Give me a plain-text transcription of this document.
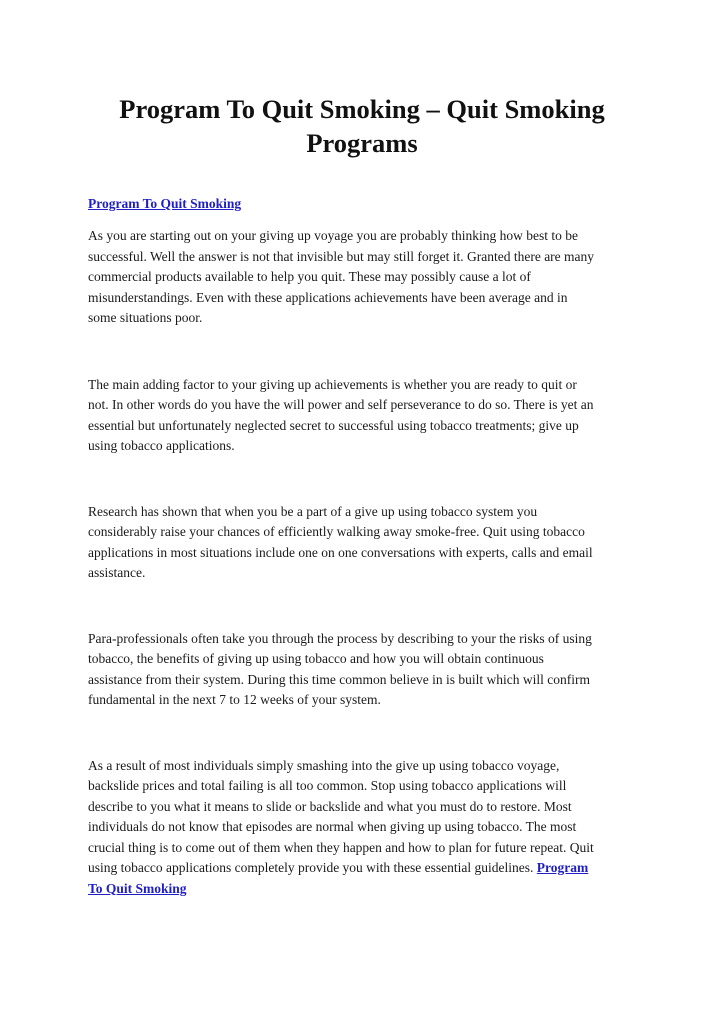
Program To Quit Smoking – Quit Smoking
Programs
Program To Quit Smoking

As you are starting out on your giving up voyage you are probably thinking how best to be
successful. Well the answer is not that invisible but may still forget it. Granted there are many
commercial products available to help you quit. These may possibly cause a lot of
misunderstandings. Even with these applications achievements have been average and in
some situations poor.

The main adding factor to your giving up achievements is whether you are ready to quit or
not. In other words do you have the will power and self perseverance to do so. There is yet an
essential but unfortunately neglected secret to successful using tobacco treatments; give up
using tobacco applications.

Research has shown that when you be a part of a give up using tobacco system you
considerably raise your chances of efficiently walking away smoke-free. Quit using tobacco
applications in most situations include one on one conversations with experts, calls and email
assistance.

Para-professionals often take you through the process by describing to your the risks of using
tobacco, the benefits of giving up using tobacco and how you will obtain continuous
assistance from their system. During this time common believe in is built which will confirm
fundamental in the next 7 to 12 weeks of your system.

As a result of most individuals simply smashing into the give up using tobacco voyage,
backslide prices and total failing is all too common. Stop using tobacco applications will
describe to you what it means to slide or backslide and what you must do to restore. Most
individuals do not know that episodes are normal when giving up using tobacco. The most
crucial thing is to come out of them when they happen and how to plan for future repeat. Quit
using tobacco applications completely provide you with these essential guidelines. Program
To Quit Smoking
